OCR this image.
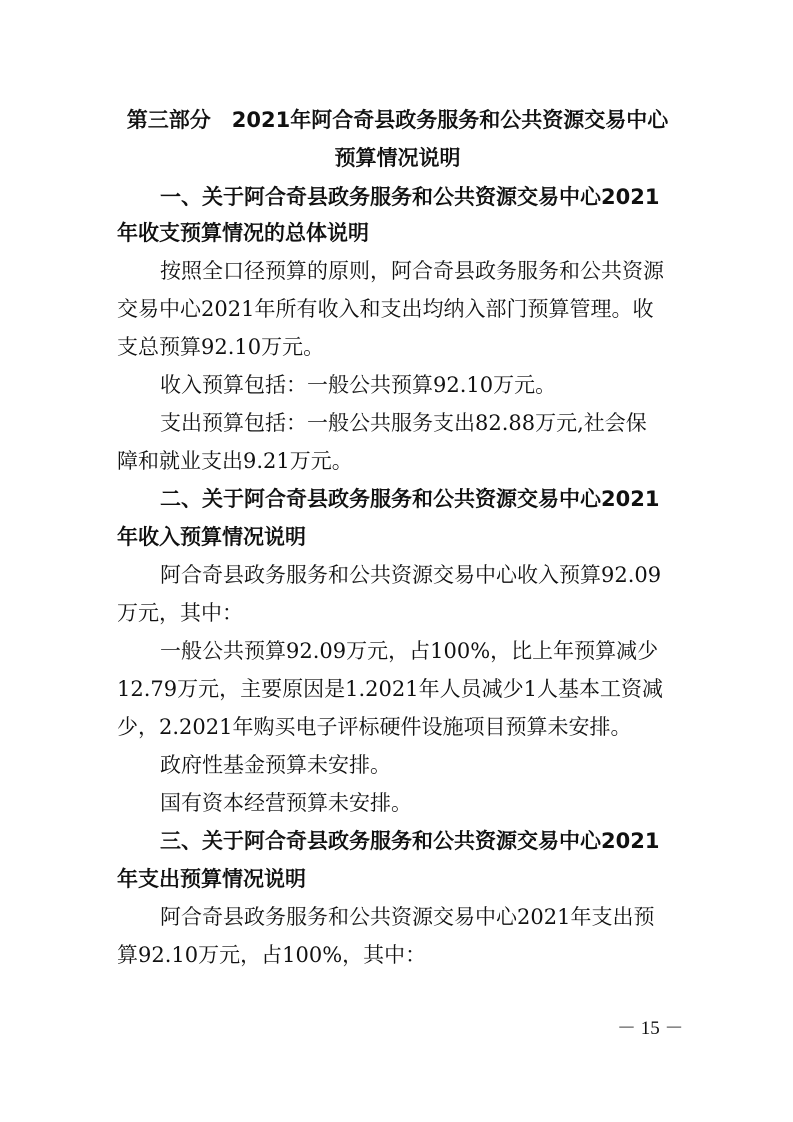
第三部分　2021年阿合奇县政务服务和公共资源交易中心
预算情况说明
一、关于阿合奇县政务服务和公共资源交易中心2021
年收支预算情况的总体说明
按照全口径预算的原则，阿合奇县政务服务和公共资源
交易中心2021年所有收入和支出均纳入部门预算管理。收
支总预算92.10万元。
收入预算包括：一般公共预算92.10万元。
支出预算包括：一般公共服务支出82.88万元,社会保
障和就业支出9.21万元。
二、关于阿合奇县政务服务和公共资源交易中心2021
年收入预算情况说明
阿合奇县政务服务和公共资源交易中心收入预算92.09
万元，其中：
一般公共预算92.09万元，占100%，比上年预算减少
12.79万元，主要原因是1.2021年人员减少1人基本工资减
少，2.2021年购买电子评标硬件设施项目预算未安排。
政府性基金预算未安排。
国有资本经营预算未安排。
三、关于阿合奇县政务服务和公共资源交易中心2021
年支出预算情况说明
阿合奇县政务服务和公共资源交易中心2021年支出预
算92.10万元，占100%，其中：
－ 15 －
